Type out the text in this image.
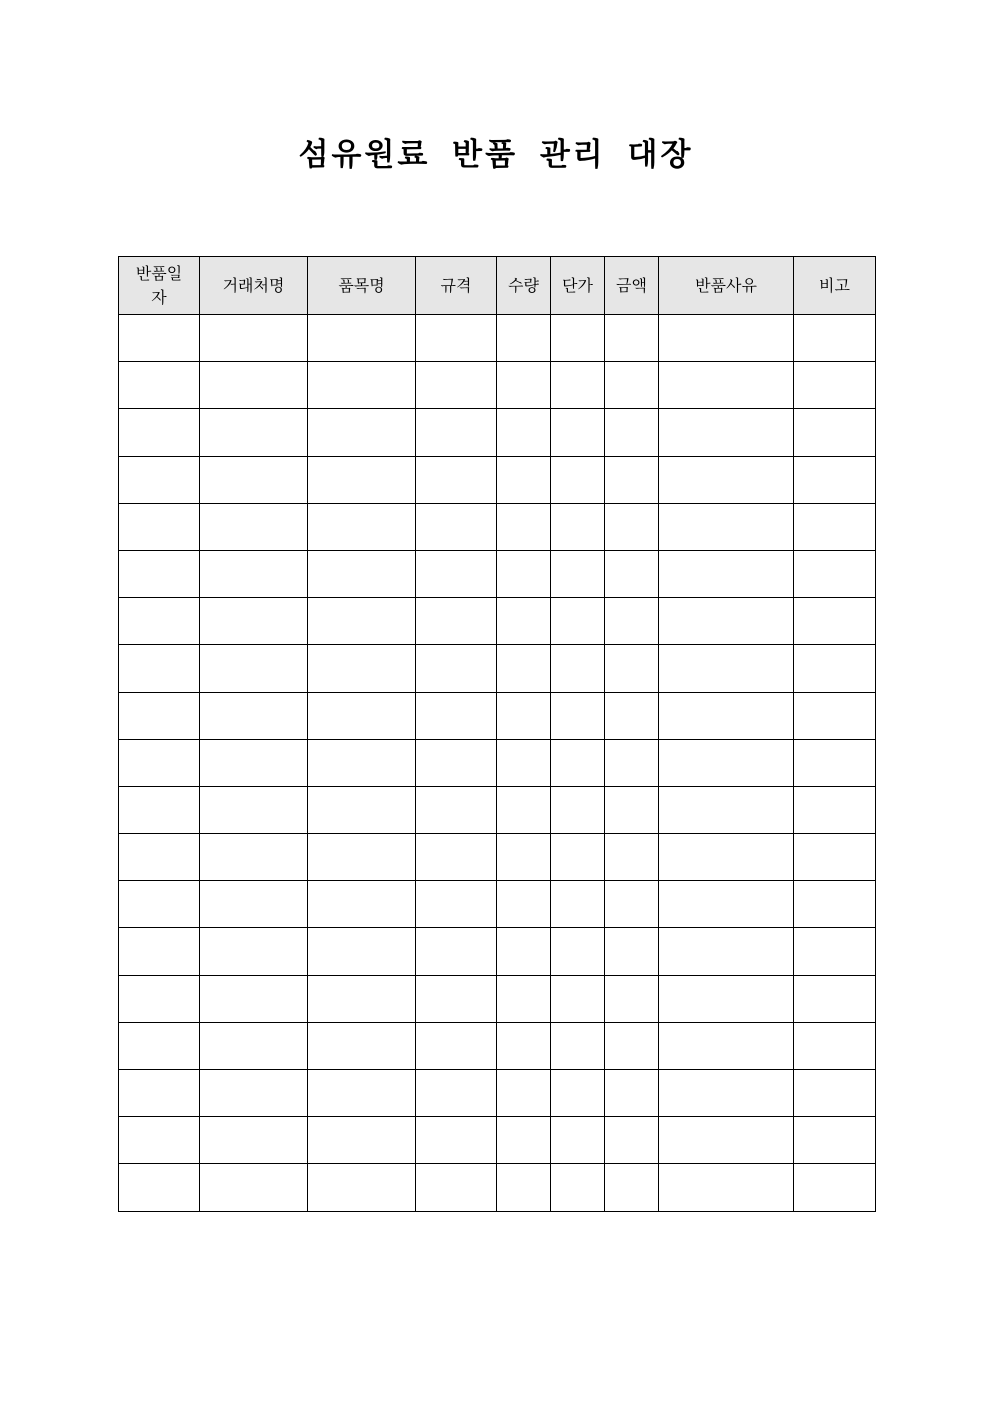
섬유원료 반품 관리 대장
반품일자	거래처명	품목명	규격	수량	단가	금액	반품사유	비고
